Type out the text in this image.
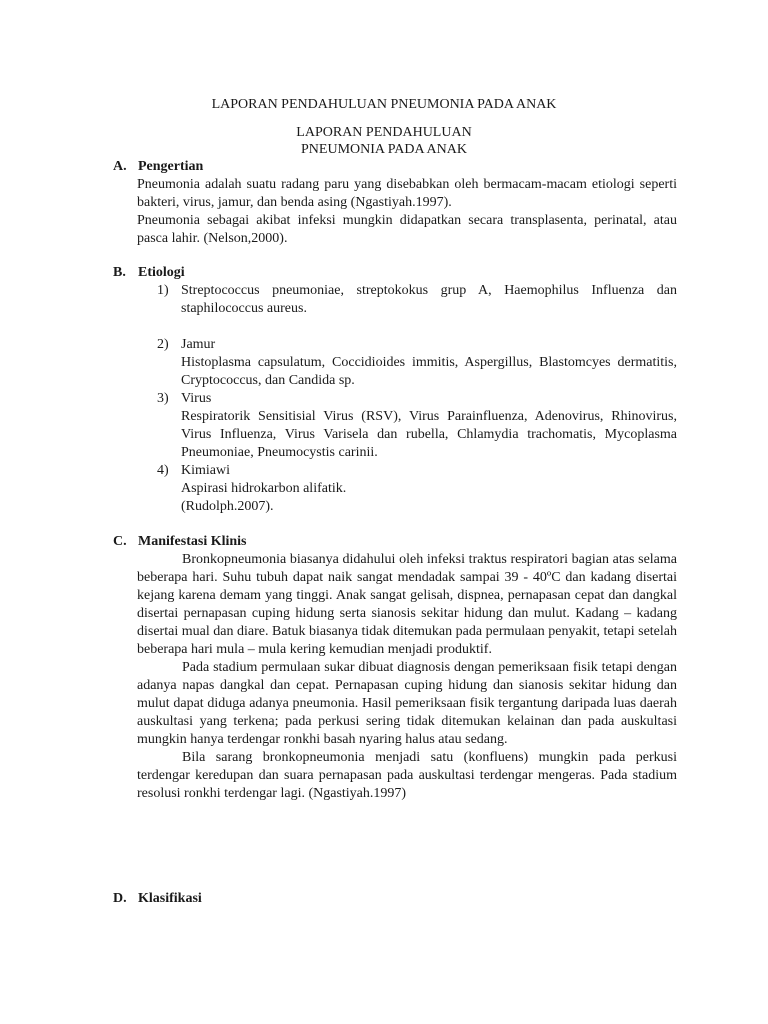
LAPORAN PENDAHULUAN PNEUMONIA PADA ANAK
LAPORAN PENDAHULUAN
PNEUMONIA PADA ANAK
A. Pengertian

Pneumonia adalah suatu radang paru yang disebabkan oleh bermacam-macam etiologi seperti bakteri, virus, jamur, dan benda asing (Ngastiyah.1997).

Pneumonia sebagai akibat infeksi mungkin didapatkan secara transplasenta, perinatal, atau pasca lahir. (Nelson,2000).

B. Etiologi
1) Streptococcus pneumoniae, streptokokus grup A, Haemophilus Influenza dan staphilococcus aureus.

2) Jamur

Histoplasma capsulatum, Coccidioides immitis, Aspergillus, Blastomcyes dermatitis, Cryptococcus, dan Candida sp.

3) Virus

Respiratorik Sensitisial Virus (RSV), Virus Parainfluenza, Adenovirus, Rhinovirus, Virus Influenza, Virus Varisela dan rubella, Chlamydia trachomatis, Mycoplasma Pneumoniae, Pneumocystis carinii.

4) Kimiawi

Aspirasi hidrokarbon alifatik.

(Rudolph.2007).

C. Manifestasi Klinis

Bronkopneumonia biasanya didahului oleh infeksi traktus respiratori bagian atas selama beberapa hari. Suhu tubuh dapat naik sangat mendadak sampai 39 - 40ºC dan kadang disertai kejang karena demam yang tinggi. Anak sangat gelisah, dispnea, pernapasan cepat dan dangkal disertai pernapasan cuping hidung serta sianosis sekitar hidung dan mulut. Kadang – kadang disertai mual dan diare. Batuk biasanya tidak ditemukan pada permulaan penyakit, tetapi setelah beberapa hari mula – mula kering kemudian menjadi produktif.

Pada stadium permulaan sukar dibuat diagnosis dengan pemeriksaan fisik tetapi dengan adanya napas dangkal dan cepat. Pernapasan cuping hidung dan sianosis sekitar hidung dan mulut dapat diduga adanya pneumonia. Hasil pemeriksaan fisik tergantung daripada luas daerah auskultasi yang terkena; pada perkusi sering tidak ditemukan kelainan dan pada auskultasi mungkin hanya terdengar ronkhi basah nyaring halus atau sedang.

Bila sarang bronkopneumonia menjadi satu (konfluens) mungkin pada perkusi terdengar keredupan dan suara pernapasan pada auskultasi terdengar mengeras. Pada stadium resolusi ronkhi terdengar lagi. (Ngastiyah.1997)

D. Klasifikasi
